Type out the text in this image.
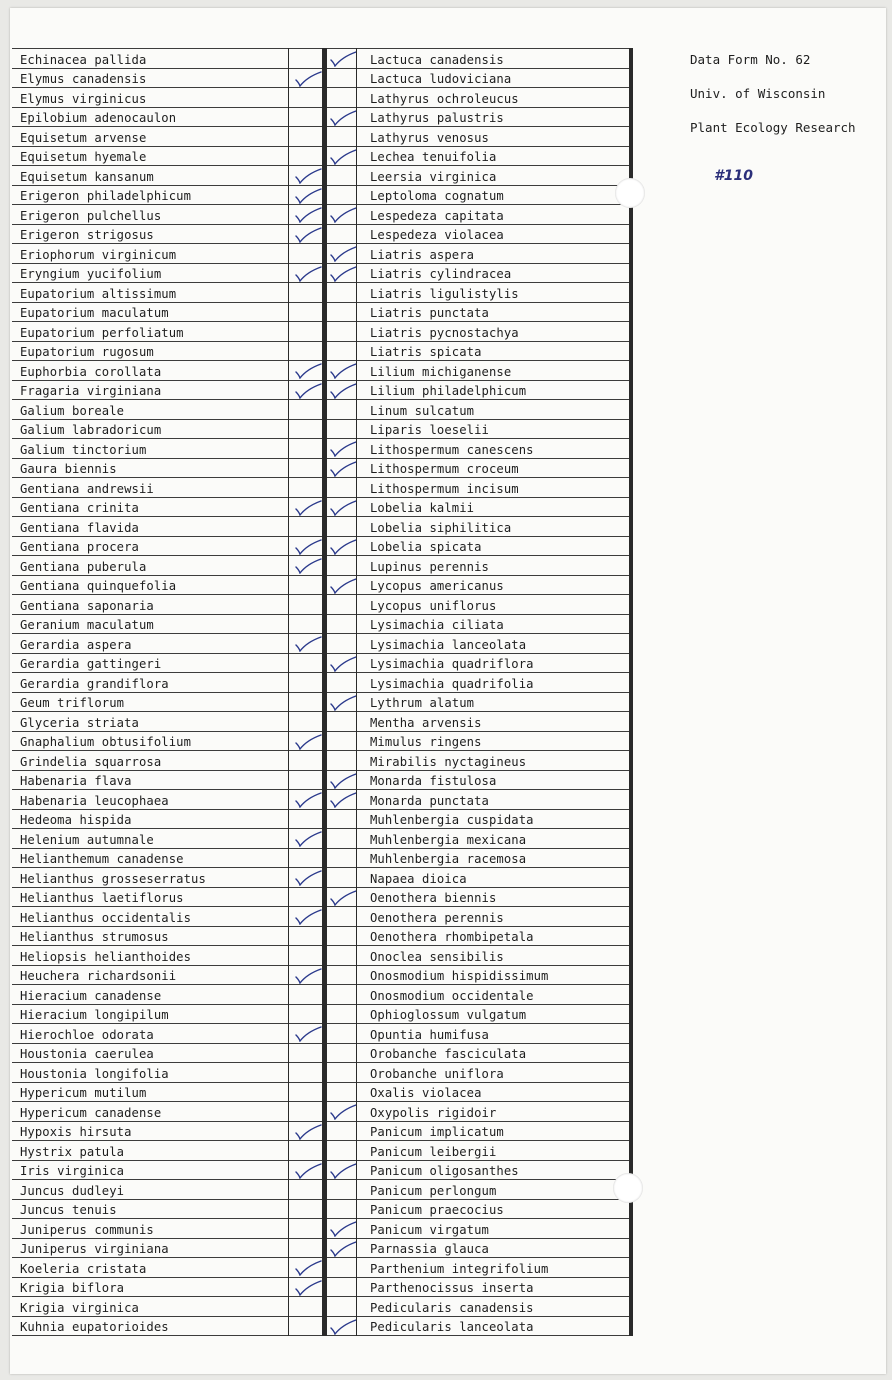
Echinacea pallida
Elymus canadensis
Elymus virginicus
Epilobium adenocaulon
Equisetum arvense
Equisetum hyemale
Equisetum kansanum
Erigeron philadelphicum
Erigeron pulchellus
Erigeron strigosus
Eriophorum virginicum
Eryngium yucifolium
Eupatorium altissimum
Eupatorium maculatum
Eupatorium perfoliatum
Eupatorium rugosum
Euphorbia corollata
Fragaria virginiana
Galium boreale
Galium labradoricum
Galium tinctorium
Gaura biennis
Gentiana andrewsii
Gentiana crinita
Gentiana flavida
Gentiana procera
Gentiana puberula
Gentiana quinquefolia
Gentiana saponaria
Geranium maculatum
Gerardia aspera
Gerardia gattingeri
Gerardia grandiflora
Geum triflorum
Glyceria striata
Gnaphalium obtusifolium
Grindelia squarrosa
Habenaria flava
Habenaria leucophaea
Hedeoma hispida
Helenium autumnale
Helianthemum canadense
Helianthus grosseserratus
Helianthus laetiflorus
Helianthus occidentalis
Helianthus strumosus
Heliopsis helianthoides
Heuchera richardsonii
Hieracium canadense
Hieracium longipilum
Hierochloe odorata
Houstonia caerulea
Houstonia longifolia
Hypericum mutilum
Hypericum canadense
Hypoxis hirsuta
Hystrix patula
Iris virginica
Juncus dudleyi
Juncus tenuis
Juniperus communis
Juniperus virginiana
Koeleria cristata
Krigia biflora
Krigia virginica
Kuhnia eupatorioides
Lactuca canadensis
Lactuca ludoviciana
Lathyrus ochroleucus
Lathyrus palustris
Lathyrus venosus
Lechea tenuifolia
Leersia virginica
Leptoloma cognatum
Lespedeza capitata
Lespedeza violacea
Liatris aspera
Liatris cylindracea
Liatris ligulistylis
Liatris punctata
Liatris pycnostachya
Liatris spicata
Lilium michiganense
Lilium philadelphicum
Linum sulcatum
Liparis loeselii
Lithospermum canescens
Lithospermum croceum
Lithospermum incisum
Lobelia kalmii
Lobelia siphilitica
Lobelia spicata
Lupinus perennis
Lycopus americanus
Lycopus uniflorus
Lysimachia ciliata
Lysimachia lanceolata
Lysimachia quadriflora
Lysimachia quadrifolia
Lythrum alatum
Mentha arvensis
Mimulus ringens
Mirabilis nyctagineus
Monarda fistulosa
Monarda punctata
Muhlenbergia cuspidata
Muhlenbergia mexicana
Muhlenbergia racemosa
Napaea dioica
Oenothera biennis
Oenothera perennis
Oenothera rhombipetala
Onoclea sensibilis
Onosmodium hispidissimum
Onosmodium occidentale
Ophioglossum vulgatum
Opuntia humifusa
Orobanche fasciculata
Orobanche uniflora
Oxalis violacea
Oxypolis rigidoir
Panicum implicatum
Panicum leibergii
Panicum oligosanthes
Panicum perlongum
Panicum praecocius
Panicum virgatum
Parnassia glauca
Parthenium integrifolium
Parthenocissus inserta
Pedicularis canadensis
Pedicularis lanceolata
Data Form No. 62
Univ. of Wisconsin
Plant Ecology Research
#110
